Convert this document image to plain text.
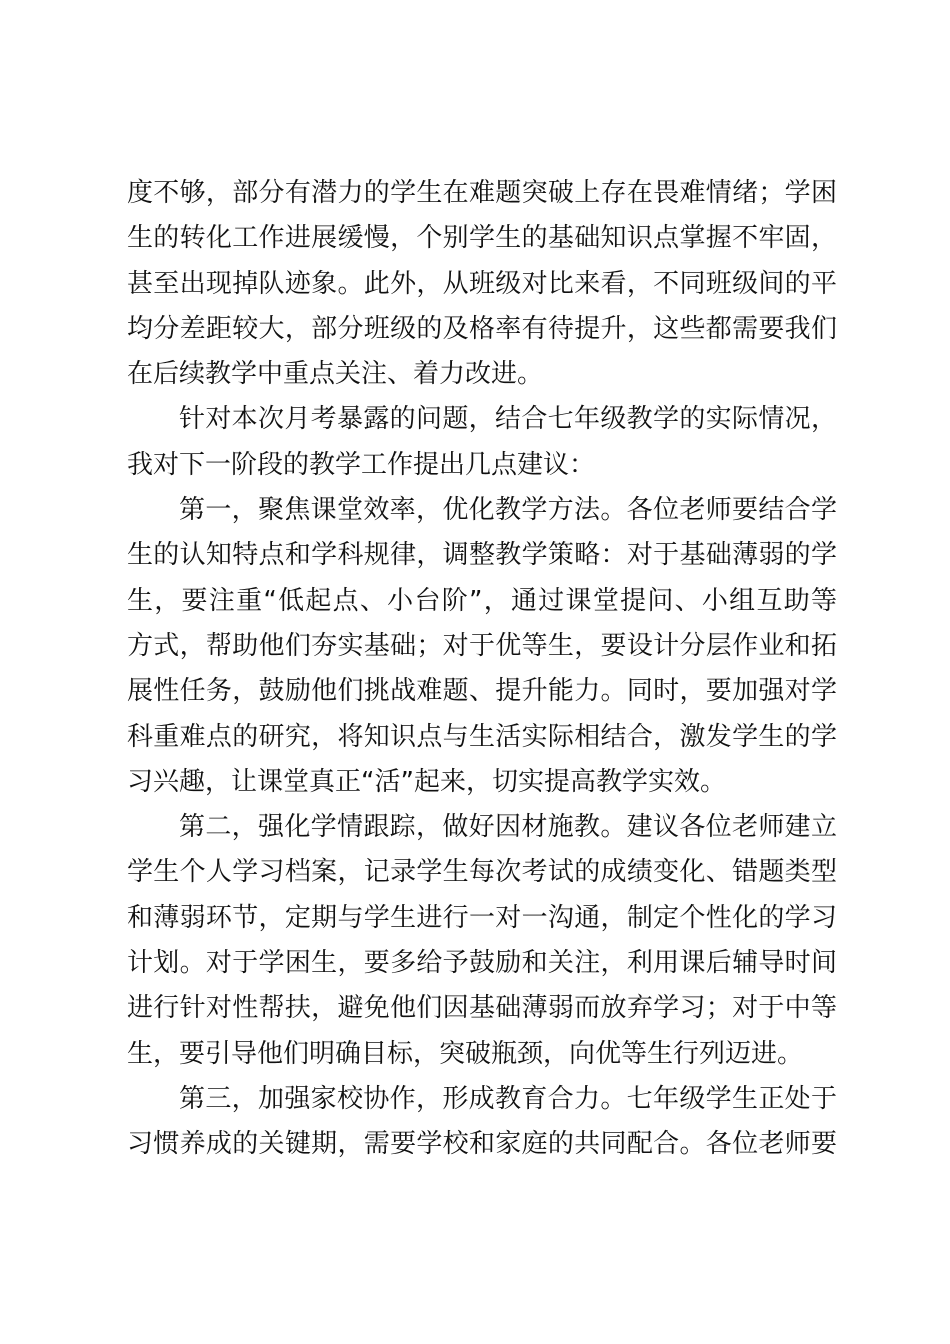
度不够，部分有潜力的学生在难题突破上存在畏难情绪；学困
生的转化工作进展缓慢，个别学生的基础知识点掌握不牢固，
甚至出现掉队迹象。此外，从班级对比来看，不同班级间的平
均分差距较大，部分班级的及格率有待提升，这些都需要我们
在后续教学中重点关注、着力改进。
针对本次月考暴露的问题，结合七年级教学的实际情况，
我对下一阶段的教学工作提出几点建议：
第一，聚焦课堂效率，优化教学方法。各位老师要结合学
生的认知特点和学科规律，调整教学策略：对于基础薄弱的学
生，要注重“低起点、小台阶”，通过课堂提问、小组互助等
方式，帮助他们夯实基础；对于优等生，要设计分层作业和拓
展性任务，鼓励他们挑战难题、提升能力。同时，要加强对学
科重难点的研究，将知识点与生活实际相结合，激发学生的学
习兴趣，让课堂真正“活”起来，切实提高教学实效。
第二，强化学情跟踪，做好因材施教。建议各位老师建立
学生个人学习档案，记录学生每次考试的成绩变化、错题类型
和薄弱环节，定期与学生进行一对一沟通，制定个性化的学习
计划。对于学困生，要多给予鼓励和关注，利用课后辅导时间
进行针对性帮扶，避免他们因基础薄弱而放弃学习；对于中等
生，要引导他们明确目标，突破瓶颈，向优等生行列迈进。
第三，加强家校协作，形成教育合力。七年级学生正处于
习惯养成的关键期，需要学校和家庭的共同配合。各位老师要
